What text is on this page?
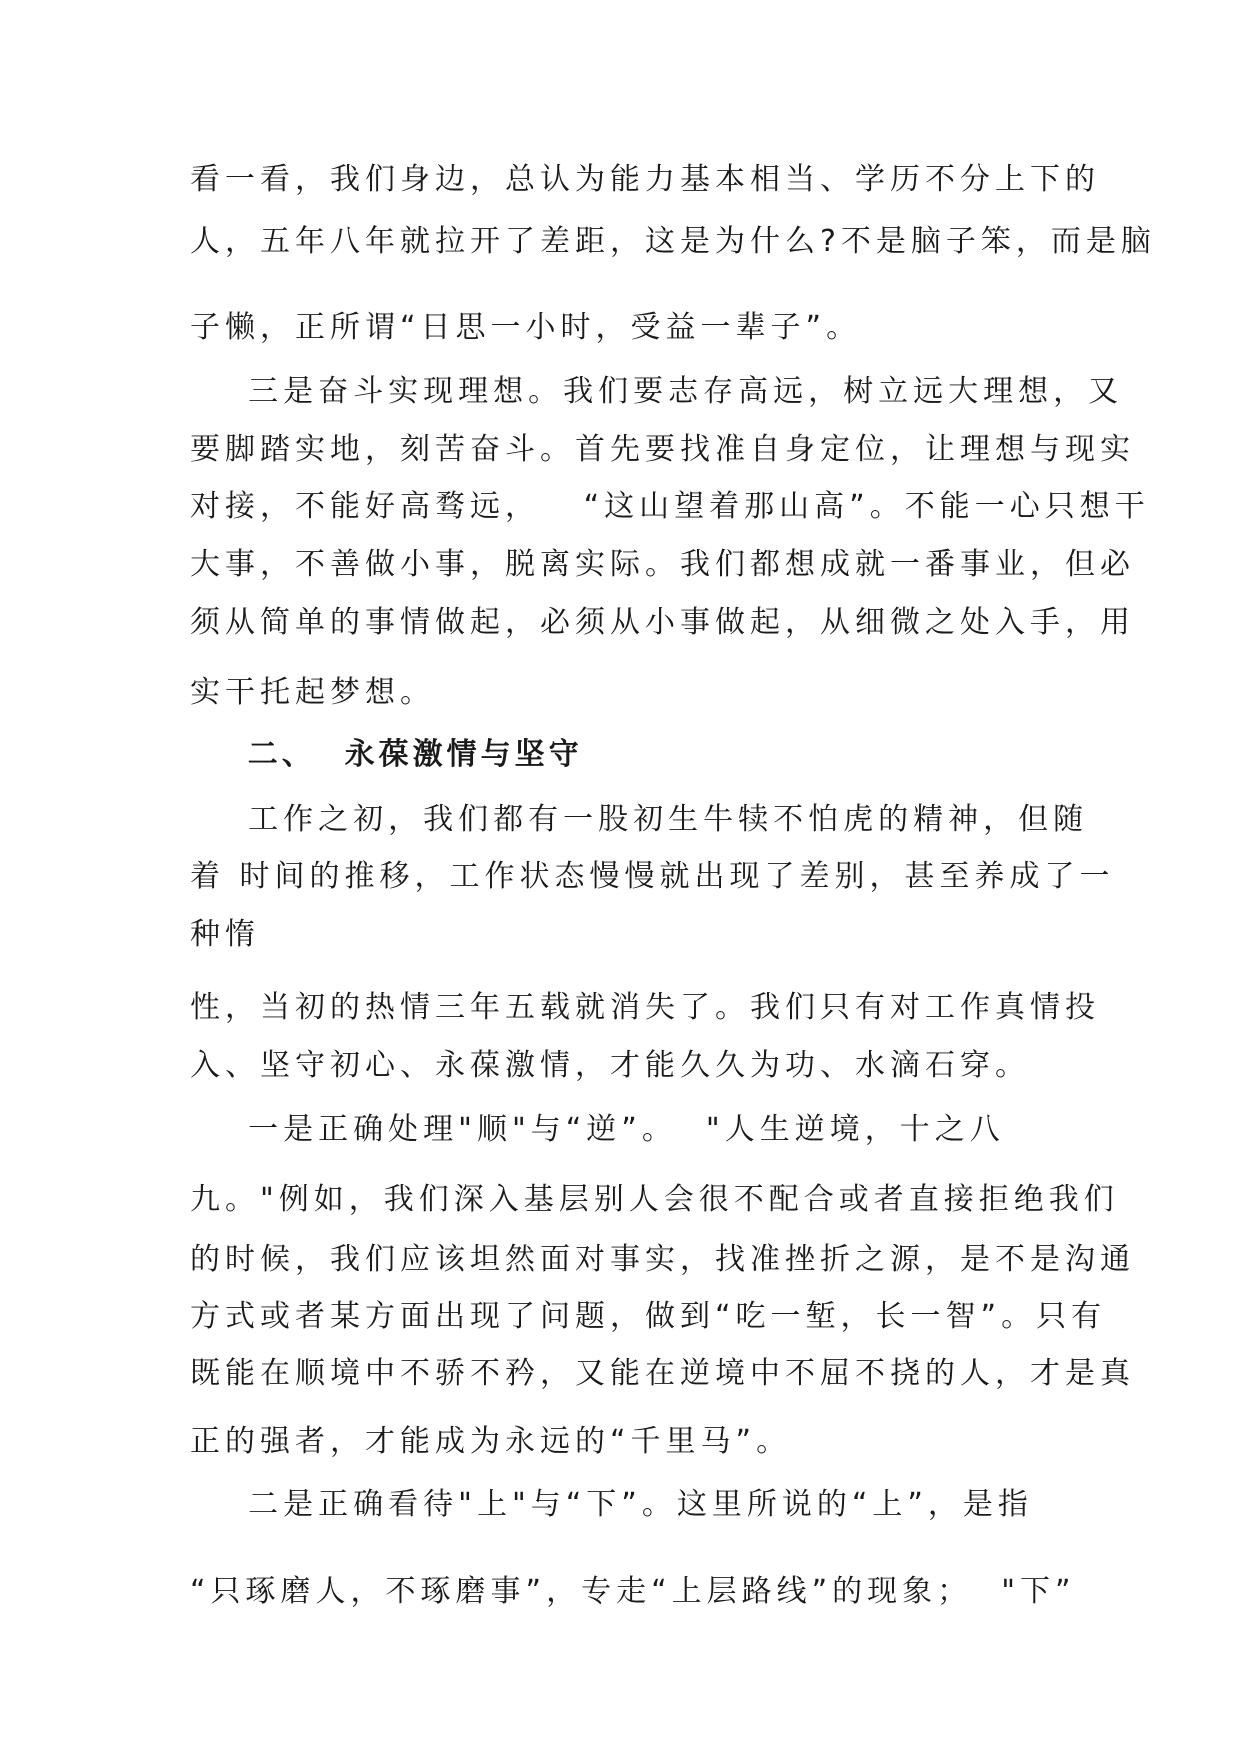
看一看，我们身边，总认为能力基本相当、学历不分上下的
人，五年八年就拉开了差距，这是为什么?不是脑子笨，而是脑
子懒，正所谓“日思一小时，受益一辈子”。
三是奋斗实现理想。我们要志存高远，树立远大理想，又
要脚踏实地，刻苦奋斗。首先要找准自身定位，让理想与现实
对接，不能好高骛远，   “这山望着那山高”。不能一心只想干
大事，不善做小事，脱离实际。我们都想成就一番事业，但必
须从简单的事情做起，必须从小事做起，从细微之处入手，用
实干托起梦想。
二、  永葆激情与坚守
工作之初，我们都有一股初生牛犊不怕虎的精神，但随
着 时间的推移，工作状态慢慢就出现了差别，甚至养成了一
种惰
性，当初的热情三年五载就消失了。我们只有对工作真情投
入、坚守初心、永葆激情，才能久久为功、水滴石穿。
一是正确处理"顺"与“逆”。  "人生逆境，十之八
九。"例如，我们深入基层别人会很不配合或者直接拒绝我们
的时候，我们应该坦然面对事实，找准挫折之源，是不是沟通
方式或者某方面出现了问题，做到“吃一堑，长一智”。只有
既能在顺境中不骄不矜，又能在逆境中不屈不挠的人，才是真
正的强者，才能成为永远的“千里马”。
二是正确看待"上"与“下”。这里所说的“上”，是指
“只琢磨人，不琢磨事”，专走“上层路线”的现象；  "下”
